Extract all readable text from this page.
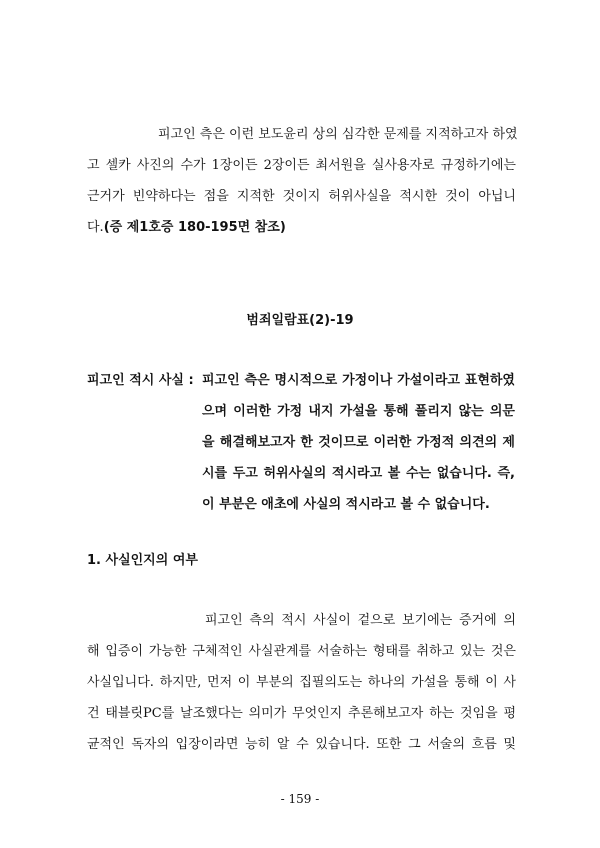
피고인 측은 이런 보도윤리 상의 심각한 문제를 지적하고자 하였
고 셀카 사진의 수가 1장이든 2장이든 최서원을 실사용자로 규정하기에는
근거가 빈약하다는 점을 지적한 것이지 허위사실을 적시한 것이 아닙니
다.(증 제1호증 180-195면 참조)
범죄일람표(2)-19
피고인 적시 사실 : 피고인 측은 명시적으로 가정이나 가설이라고 표현하였
으며 이러한 가정 내지 가설을 통해 풀리지 않는 의문
을 해결해보고자 한 것이므로 이러한 가정적 의견의 제
시를 두고 허위사실의 적시라고 볼 수는 없습니다. 즉,
이 부분은 애초에 사실의 적시라고 볼 수 없습니다.
1. 사실인지의 여부
피고인 측의 적시 사실이 겉으로 보기에는 증거에 의
해 입증이 가능한 구체적인 사실관계를 서술하는 형태를 취하고 있는 것은
사실입니다. 하지만, 먼저 이 부분의 집필의도는 하나의 가설을 통해 이 사
건 태블릿PC를 날조했다는 의미가 무엇인지 추론해보고자 하는 것임을 평
균적인 독자의 입장이라면 능히 알 수 있습니다. 또한 그 서술의 흐름 및
- 159 -
